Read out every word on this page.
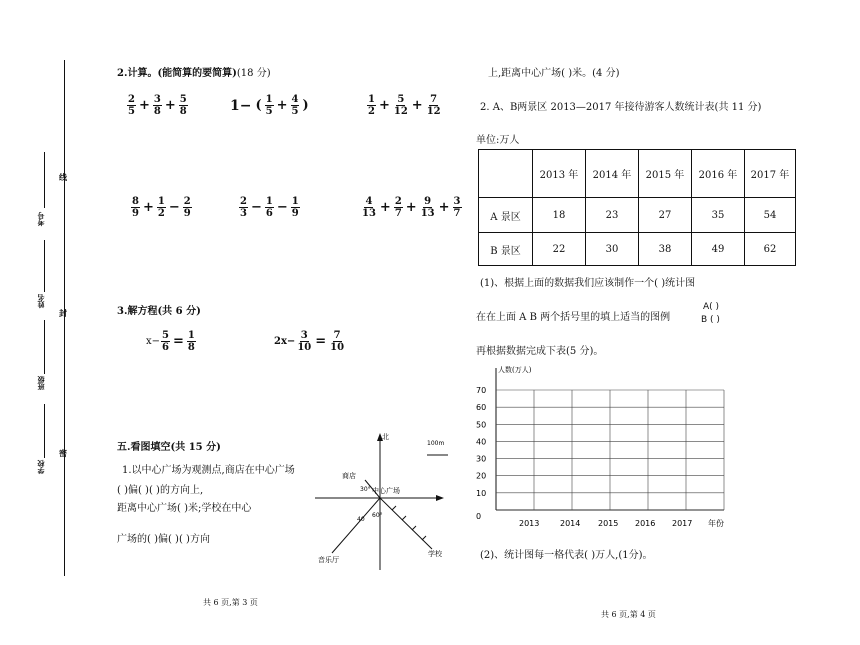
线
封
密
考号
姓名
班级
学校
2.计算。(能简算的要简算)(18 分)
$\frac{2}{5} + \frac{3}{8} + \frac{5}{8}$	1− ( $\frac{1}{5} + \frac{4}{5}$ )	$\frac{1}{2} + \frac{5}{12} + \frac{7}{12}$
$\frac{8}{9} + \frac{1}{2} - \frac{2}{9}$	$\frac{2}{3} - \frac{1}{6} - \frac{1}{9}$	$\frac{4}{13} + \frac{2}{7} + \frac{9}{13} + \frac{3}{7}$
3.解方程(共 6 分)
$x- \frac{5}{6} = \frac{1}{8}$	$2x- \frac{3}{10} = \frac{7}{10}$
五.看图填空(共 15 分)
1.以中心广场为观测点,商店在中心广场
( )偏( )( )的方向上,
距离中心广场( )米;学校在中心
广场的( )偏( )( )方向
北
100m
商店
中心广场
30°
40
60°
音乐厅
学校
共 6 页,第 3 页
上,距离中心广场( )米。(4 分)
2. A、B两景区 2013—2017 年接待游客人数统计表(共 11 分)
单位:万人
	2013 年	2014 年	2015 年	2016 年	2017 年
A 景区	18	23	27	35	54
B 景区	22	30	38	49	62
(1)、根据上面的数据我们应该制作一个( )统计图
在在上面 A B 两个括号里的填上适当的图例
A( )
B ( )
再根据数据完成下表(5 分)。
70
60
50
40
30
20
10
0
2013	2014 2015 2016 2017
人数(万人)
年份
(2)、统计图每一格代表( )万人,(1分)。
共 6 页,第 4 页
